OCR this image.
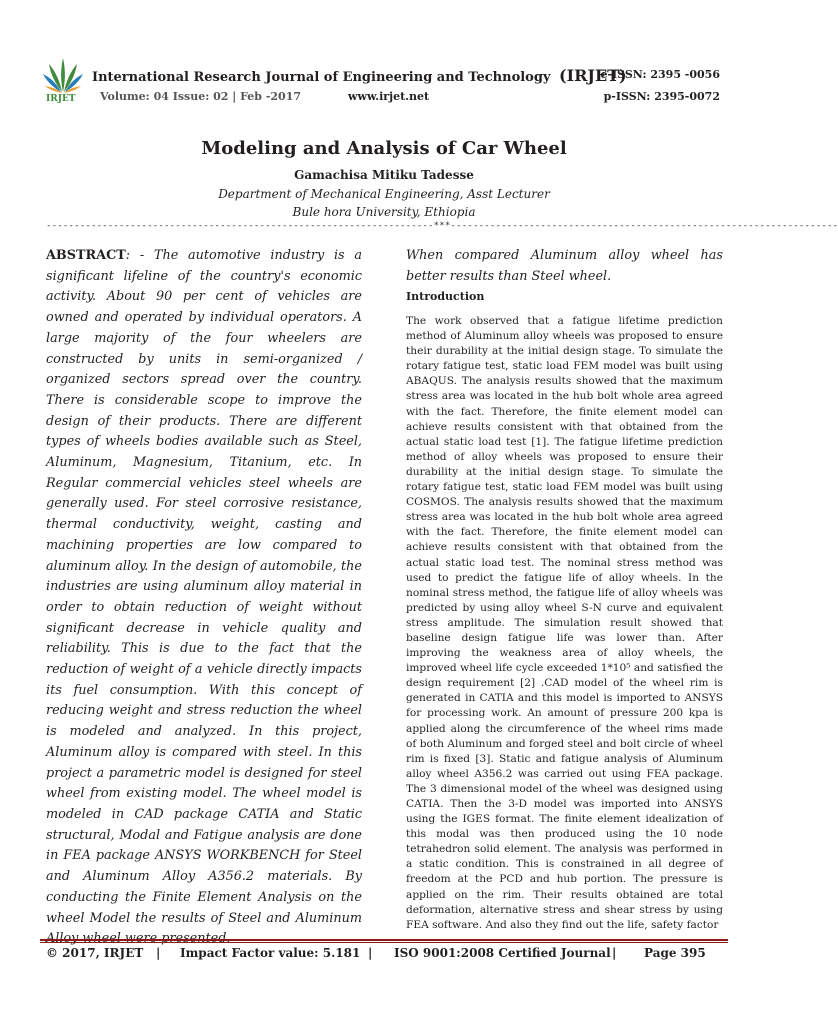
IRJET
International Research Journal of Engineering and Technology (IRJET)
e-ISSN: 2395 -0056
Volume: 04 Issue: 02 | Feb -2017	www.irjet.net	p-ISSN: 2395-0072
Modeling and Analysis of Car Wheel
Gamachisa Mitiku Tadesse
Department of Mechanical Engineering, Asst Lecturer
Bule hora University, Ethiopia
---------------------------------------------------------------------***---------------------------------------------------------------------
ABSTRACT: - The automotive industry is a significant lifeline of the country's economic activity. About 90 per cent of vehicles are owned and operated by individual operators. A large majority of the four wheelers are constructed by units in semi-organized / organized sectors spread over the country. There is considerable scope to improve the design of their products. There are different types of wheels bodies available such as Steel, Aluminum, Magnesium, Titanium, etc. In Regular commercial vehicles steel wheels are generally used. For steel corrosive resistance, thermal conductivity, weight, casting and machining properties are low compared to aluminum alloy. In the design of automobile, the industries are using aluminum alloy material in order to obtain reduction of weight without significant decrease in vehicle quality and reliability. This is due to the fact that the reduction of weight of a vehicle directly impacts its fuel consumption. With this concept of reducing weight and stress reduction the wheel is modeled and analyzed. In this project, Aluminum alloy is compared with steel. In this project a parametric model is designed for steel wheel from existing model. The wheel model is modeled in CAD package CATIA and Static structural, Modal and Fatigue analysis are done in FEA package ANSYS WORKBENCH for Steel and Aluminum Alloy A356.2 materials. By conducting the Finite Element Analysis on the wheel Model the results of Steel and Aluminum
When compared Aluminum alloy wheel has better results than Steel wheel.
Introduction

The work observed that a fatigue lifetime prediction method of Aluminum alloy wheels was proposed to ensure their durability at the initial design stage. To simulate the rotary fatigue test, static load FEM model was built using ABAQUS. The analysis results showed that the maximum stress area was located in the hub bolt whole area agreed with the fact. Therefore, the finite element model can achieve results consistent with that obtained from the actual static load test [1]. The fatigue lifetime prediction method of alloy wheels was proposed to ensure their durability at the initial design stage. To simulate the rotary fatigue test, static load FEM model was built using COSMOS. The analysis results showed that the maximum stress area was located in the hub bolt whole area agreed with the fact. Therefore, the finite element model can achieve results consistent with that obtained from the actual static load test. The nominal stress method was used to predict the fatigue life of alloy wheels. In the nominal stress method, the fatigue life of alloy wheels was predicted by using alloy wheel S-N curve and equivalent stress amplitude. The simulation result showed that baseline design fatigue life was lower than. After improving the weakness area of alloy wheels, the improved wheel life cycle exceeded 1*10⁵ and satisfied the design requirement [2] .CAD model of the wheel rim is generated in CATIA and this model is imported to ANSYS for processing work. An amount of pressure 200 kpa is applied along the circumference of the wheel rims made of both Aluminum and forged steel and bolt circle of wheel rim is fixed [3]. Static and fatigue analysis of Aluminum alloy wheel A356.2 was carried out using FEA package. The 3 dimensional model of the wheel was designed using CATIA. Then the 3-D model was imported into ANSYS using the IGES format. The finite element idealization of this modal was then produced using the 10 node tetrahedron solid element. The analysis was performed in a static condition. This is constrained in all degree of freedom at the PCD and hub portion. The pressure is applied on the rim. Their results obtained are total deformation, alternative stress and shear stress by using FEA software. And also they find out the life, safety factor

© 2017, IRJET | Impact Factor value: 5.181 | ISO 9001:2008 Certified Journal | Page 395
